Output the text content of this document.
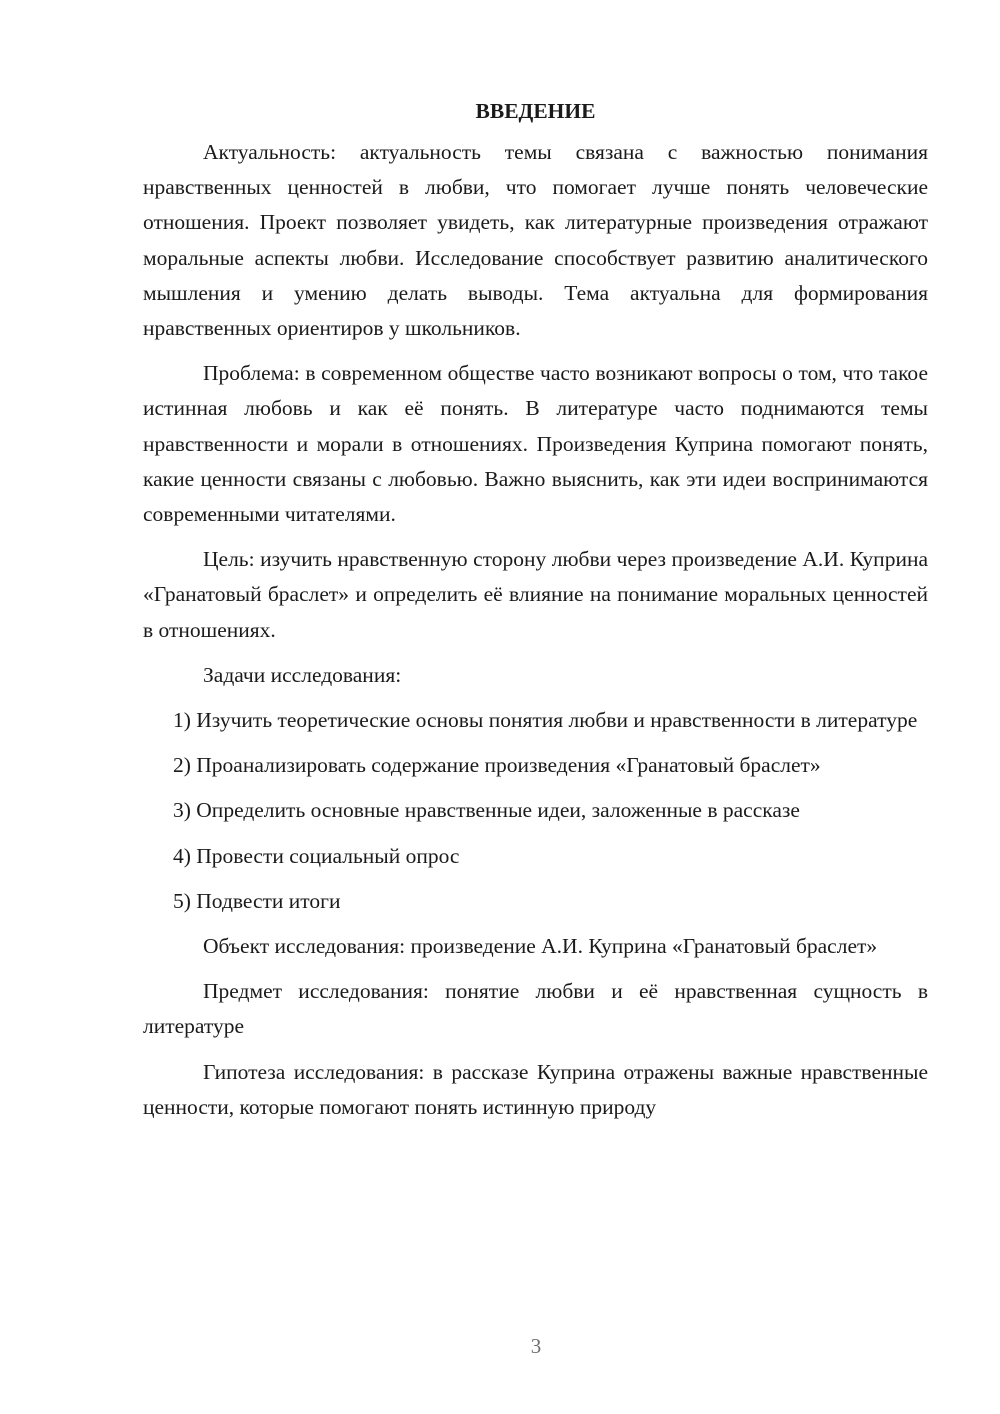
ВВЕДЕНИЕ

Актуальность: актуальность темы связана с важностью понимания нравственных ценностей в любви, что помогает лучше понять человеческие отношения. Проект позволяет увидеть, как литературные произведения отражают моральные аспекты любви. Исследование способствует развитию аналитического мышления и умению делать выводы. Тема актуальна для формирования нравственных ориентиров у школьников.

Проблема: в современном обществе часто возникают вопросы о том, что такое истинная любовь и как её понять. В литературе часто поднимаются темы нравственности и морали в отношениях. Произведения Куприна помогают понять, какие ценности связаны с любовью. Важно выяснить, как эти идеи воспринимаются современными читателями.

Цель: изучить нравственную сторону любви через произведение А.И. Куприна «Гранатовый браслет» и определить её влияние на понимание моральных ценностей в отношениях.

Задачи исследования:

1) Изучить теоретические основы понятия любви и нравственности в литературе

2) Проанализировать содержание произведения «Гранатовый браслет»

3) Определить основные нравственные идеи, заложенные в рассказе

4) Провести социальный опрос

5) Подвести итоги

Объект исследования: произведение А.И. Куприна «Гранатовый браслет»

Предмет исследования: понятие любви и её нравственная сущность в литературе

Гипотеза исследования: в рассказе Куприна отражены важные нравственные ценности, которые помогают понять истинную природу

3
